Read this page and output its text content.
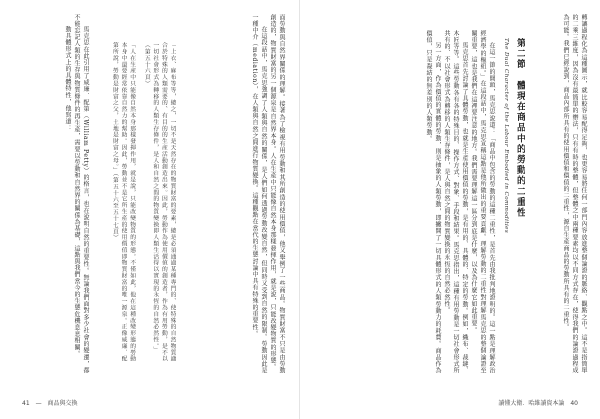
面勞動與自然界關係的理解。接著為了檢視有用勞動和其所創造的使用價值，他又舉例了一些商品。物質財富不只是由勞動創造的，物質財富的另一個源泉是自然界本身。人在生產中只能像自然本身那樣發揮作用，就是說，只能改變物質的形態。

在這段話中，馬克思強調了人類與自然的關係，是人們如何透過勞動改變自然，但同時又受到自然的限制。勞動因此是一種中介（mediation），在人類與自然之間進行物質變換。這種觀點在當代的生態討論中具有特殊的重要性。

「上衣、麻布等等，總之，一切不是天然存在的物質財富的要素，總是必須通過某種專門的、使特殊的自然物質適合於特殊的人類需要的、有目的的生產活動創造出來。因此，勞動作為使用價值的創造者，作為有用勞動，是不以一切社會形式為轉移的人類生存條件，是人和自然之間的物質變換即人類生活得以實現的永恆的自然必然性。」（第五十六頁）

「人在生產中只能像自然本身那樣發揮作用，就是說，只能改變物質的形態。不僅如此，他在這種改變形態的勞動本身中還要經常依靠自然力的幫助。因此，勞動並不是它所生產的使用價值即物質財富的唯一源泉。正像威廉．配第所說，勞動是財富之父，土地是財富之母。」（第五十六至五十七頁）

馬克思在此引用了威廉．配第（William Petty）的格言，也在說明自然的重要性。無論我們面對多少社會的變遷，都不能忘記人類的生存與物質條件的再生產，需要以勞動和自然界的關係為基礎，這點與我們當今的生態危機息息相關。

動具體形式上的具體特性，他寫道：

41 — 商品與交換

轉讓過程化為這種圖示，就比較容易配得足夠，也更容易將任何一部門內容放進整個論證的脈絡、觀點之中。這不是指簡單的二乘三維度，因為沒有最簡單的辦法，只有有時的整體，但整體之中兩種要素均以不同方式存在，使得我們的論證過程成為可能。我們已經說到，商品內部所具有的使用價值和價值的二重性，源自生產商品的勞動所具有的二重性。

第二節　體現在商品中的勞動的二重性
The Dual Character of the Labour Embodied in Commodities

在這一節的開頭，馬克思說道：「商品中包含的勞動的這種二重性，是首先由我批判地證明的。這一點是理解政治經濟學的樞紐。」在這段話中，馬克思宣稱這點是他所做出的重要貢獻。理解勞動的二重性對理解馬克思的整個論證至關重要，這也是我們在這裡要注意的地方。我們需要理解這一區分到底是什麼，以及為什麼它如此重要。

馬克思首先討論了具體勞動，也就是生產使用價值的勞動，是有用的、具體的、特定的勞動。例如，織布、裁縫、木匠等等。這些勞動各有各的特殊目的、操作方式、對象、手段和結果。馬克思指出，這種有用勞動是一切社會形式所共有的、不以社會形式為轉移的人類生存條件，是人與自然之間的物質變換的永恆的自然必然性。

另一方面，作為價值的實體的勞動，則是抽象的人類勞動，即撇開了一切具體形式的人類勞動力的耗費。商品作為價值，只是凝結的無差別的人類勞動。

讀懂大衛．哈維讀資本論 40
